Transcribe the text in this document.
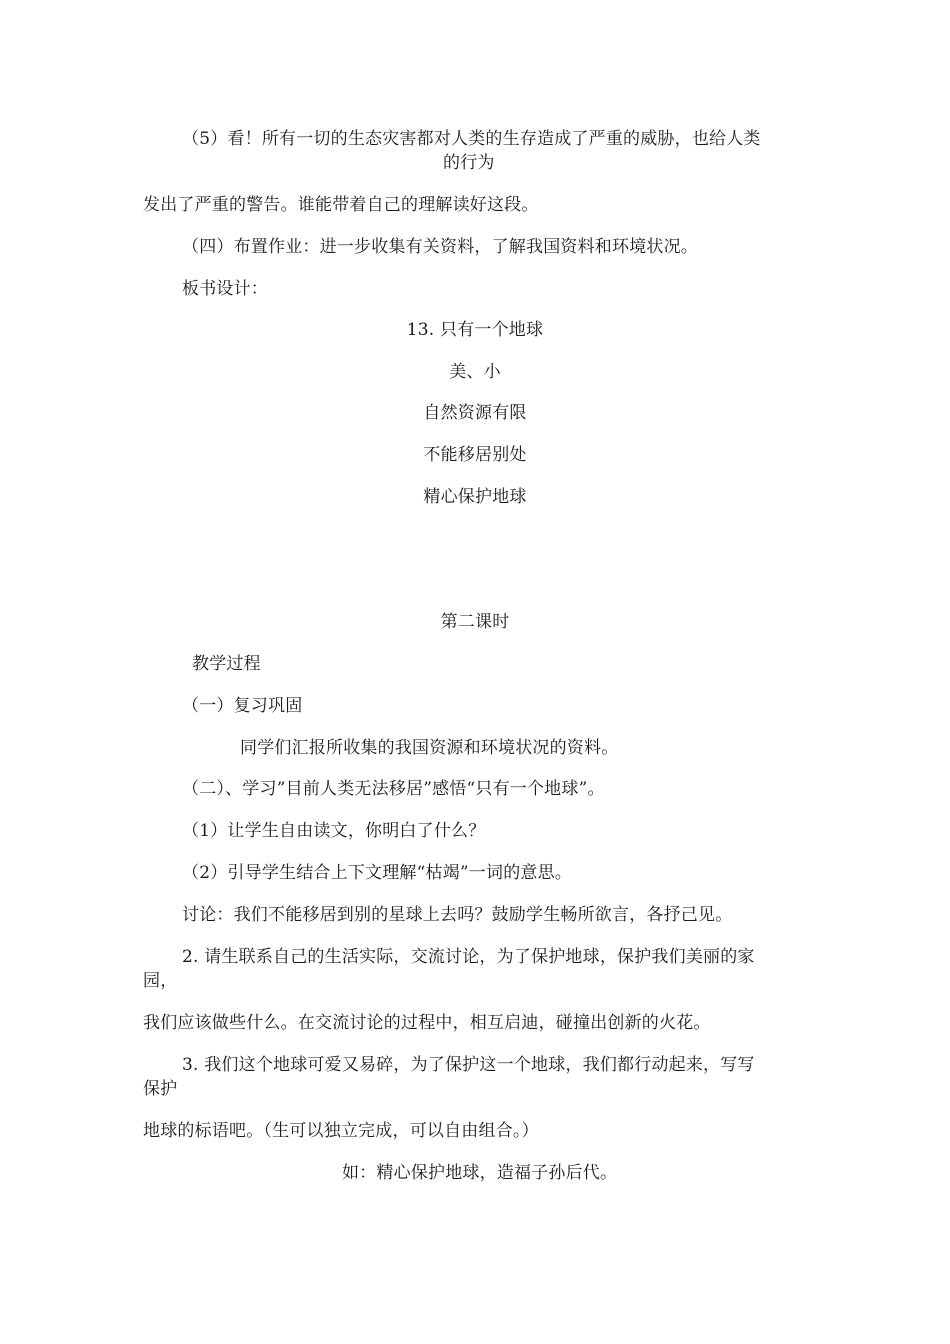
（5）看！所有一切的生态灾害都对人类的生存造成了严重的威胁，也给人类
的行为
发出了严重的警告。谁能带着自己的理解读好这段。
（四）布置作业：进一步收集有关资料，了解我国资料和环境状况。
板书设计：
13. 只有一个地球
美、小
自然资源有限
不能移居别处
精心保护地球
第二课时
教学过程
（一）复习巩固
同学们汇报所收集的我国资源和环境状况的资料。
（二）、学习”目前人类无法移居”感悟“只有一个地球”。
（1）让学生自由读文，你明白了什么？
（2）引导学生结合上下文理解“枯竭”一词的意思。
讨论：我们不能移居到别的星球上去吗？鼓励学生畅所欲言，各抒己见。
2. 请生联系自己的生活实际，交流讨论，为了保护地球，保护我们美丽的家
园，
我们应该做些什么。在交流讨论的过程中，相互启迪，碰撞出创新的火花。
3. 我们这个地球可爱又易碎，为了保护这一个地球，我们都行动起来，写写
保护
地球的标语吧。（生可以独立完成，可以自由组合。）
如：精心保护地球，造福子孙后代。
